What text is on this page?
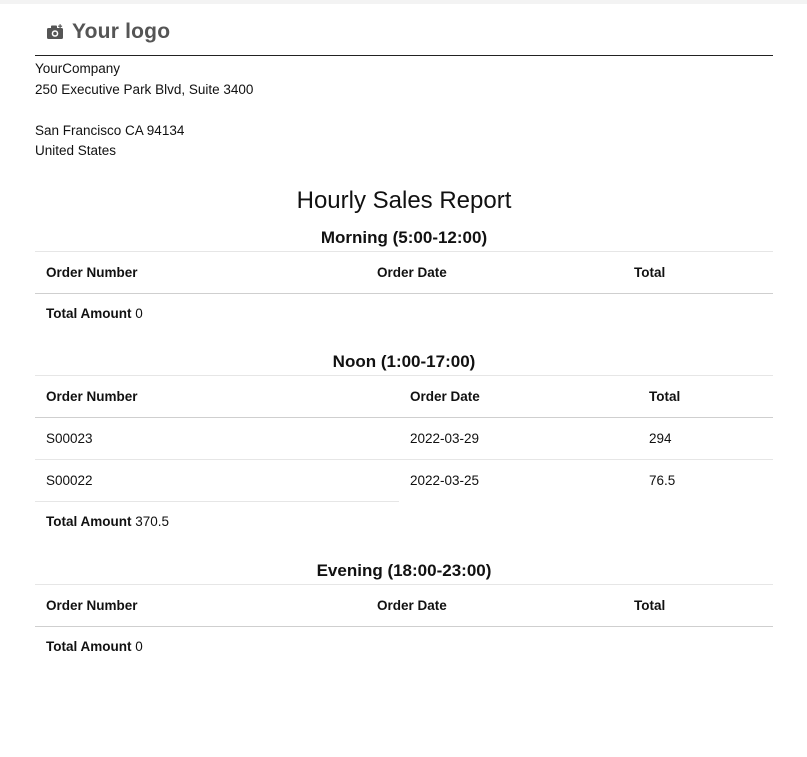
Your logo
YourCompany
250 Executive Park Blvd, Suite 3400
San Francisco CA 94134
United States
Hourly Sales Report
Morning (5:00-12:00)
Order Number	Order Date	Total
Total Amount 0
Noon (1:00-17:00)
Order Number	Order Date	Total
S00023	2022-03-29	294
S00022	2022-03-25	76.5
Total Amount 370.5
Evening (18:00-23:00)
Order Number	Order Date	Total
Total Amount 0
